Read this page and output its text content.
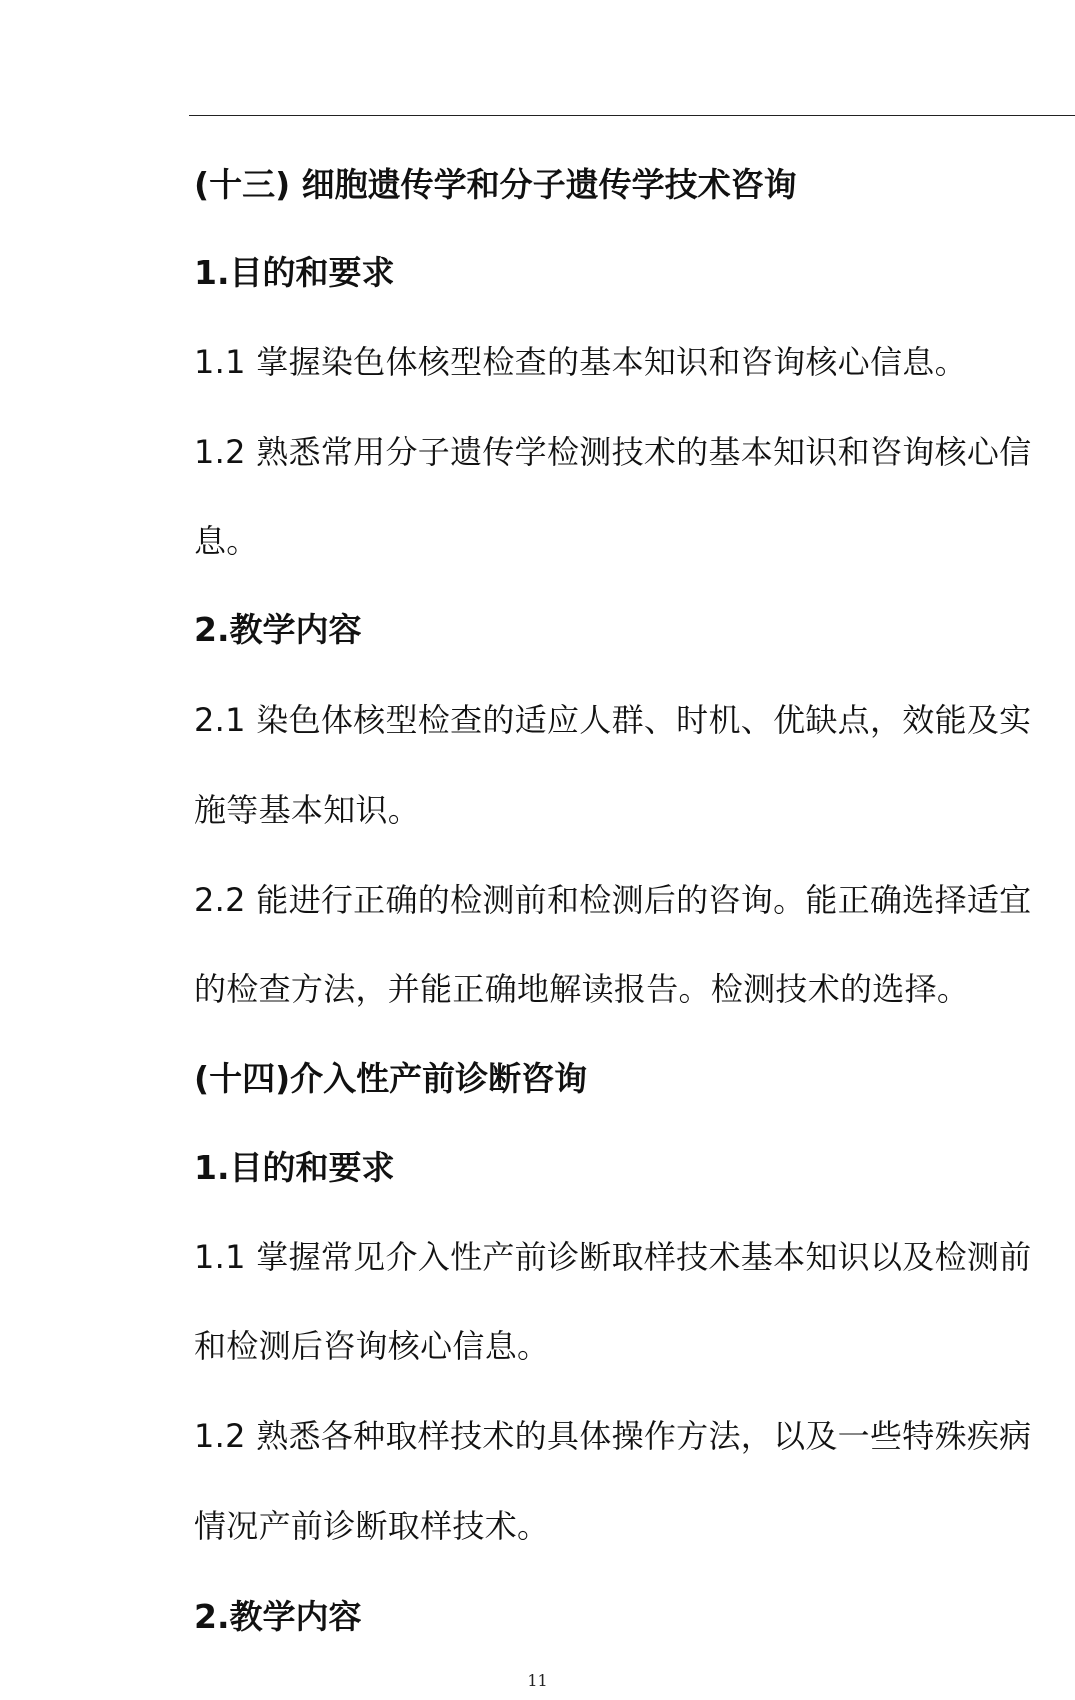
(十三) 细胞遗传学和分子遗传学技术咨询
1.目的和要求
1.1 掌握染色体核型检查的基本知识和咨询核心信息。
1.2 熟悉常用分子遗传学检测技术的基本知识和咨询核心信
息。
2.教学内容
2.1 染色体核型检查的适应人群、时机、优缺点，效能及实
施等基本知识。
2.2 能进行正确的检测前和检测后的咨询。能正确选择适宜
的检查方法，并能正确地解读报告。检测技术的选择。
(十四)介入性产前诊断咨询
1.目的和要求
1.1 掌握常见介入性产前诊断取样技术基本知识以及检测前
和检测后咨询核心信息。
1.2 熟悉各种取样技术的具体操作方法，以及一些特殊疾病
情况产前诊断取样技术。
2.教学内容
11
